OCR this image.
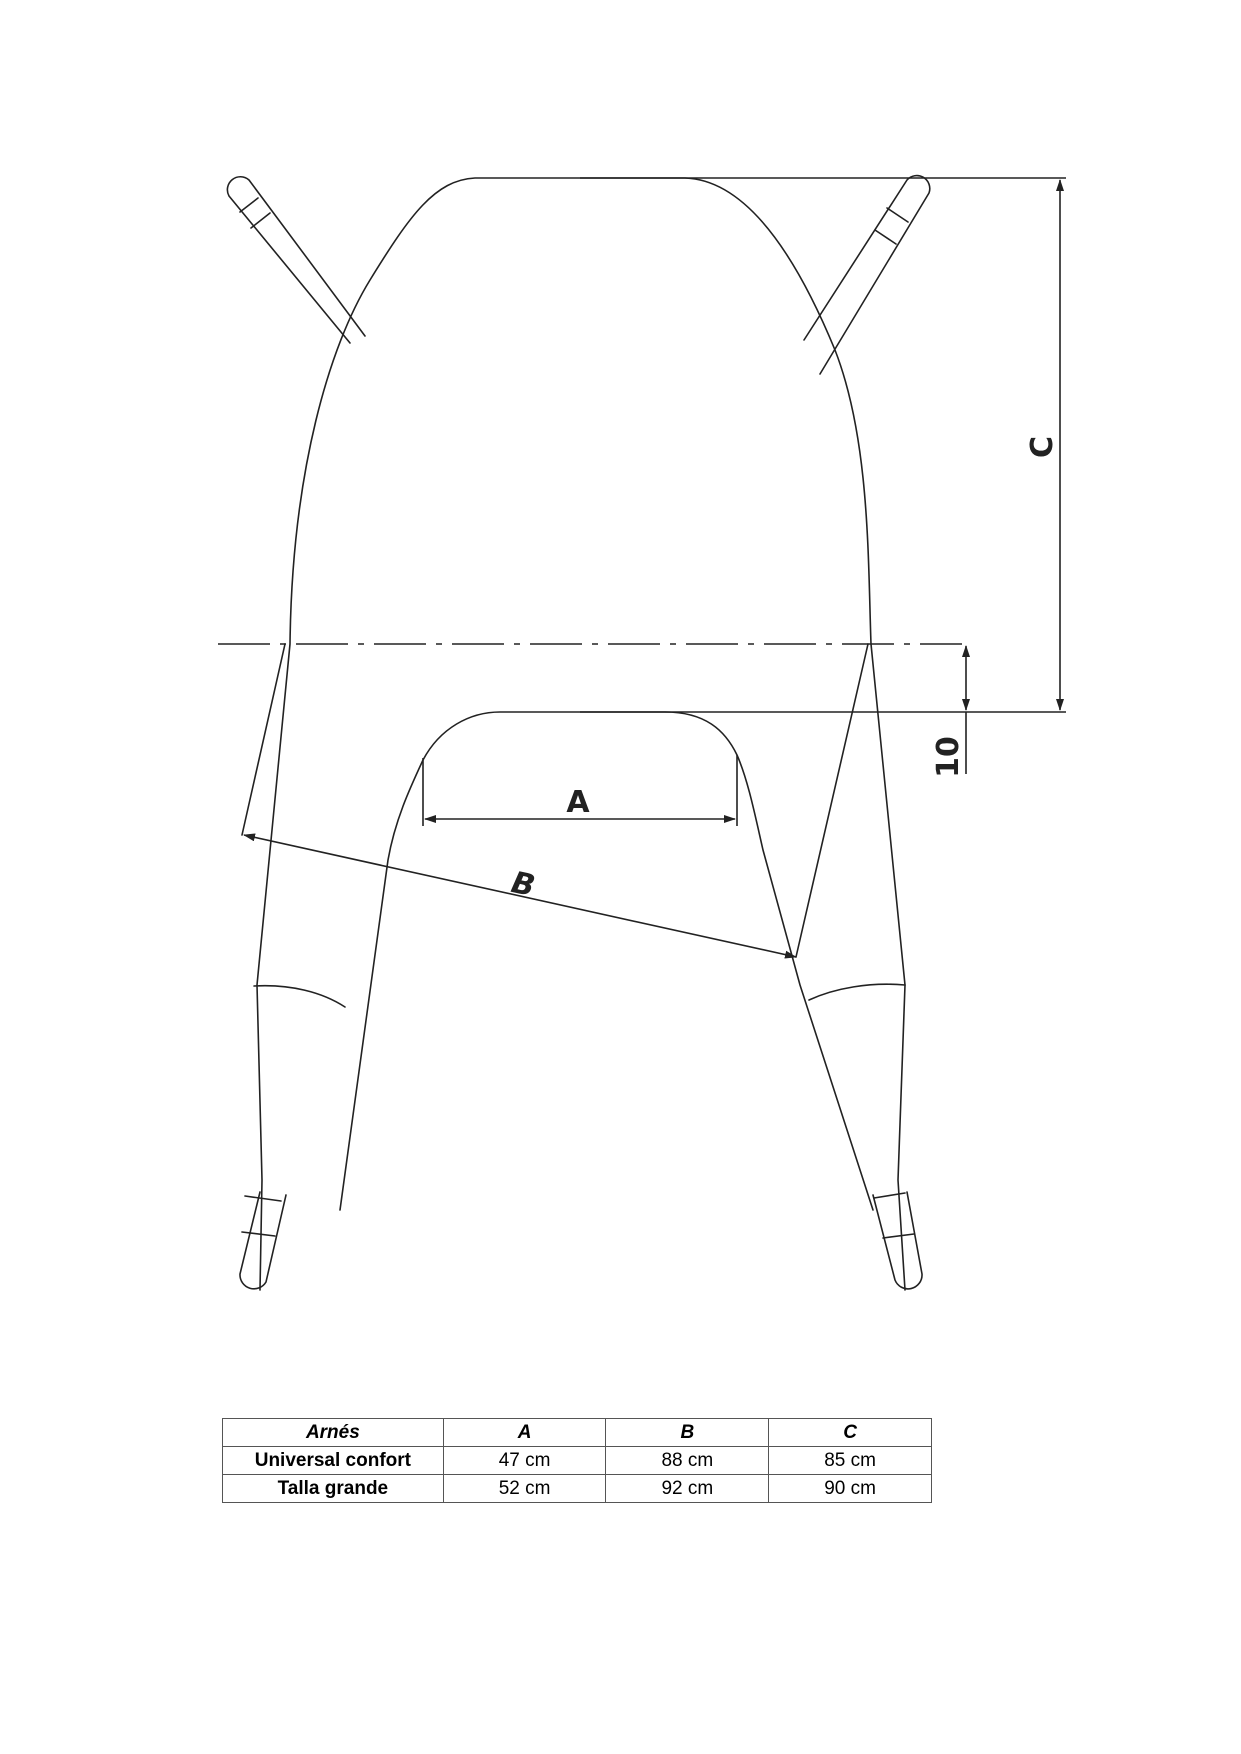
C
10
A
B
Arnés	A	B	C
Universal confort	47 cm	88 cm	85 cm
Talla grande	52 cm	92 cm	90 cm
